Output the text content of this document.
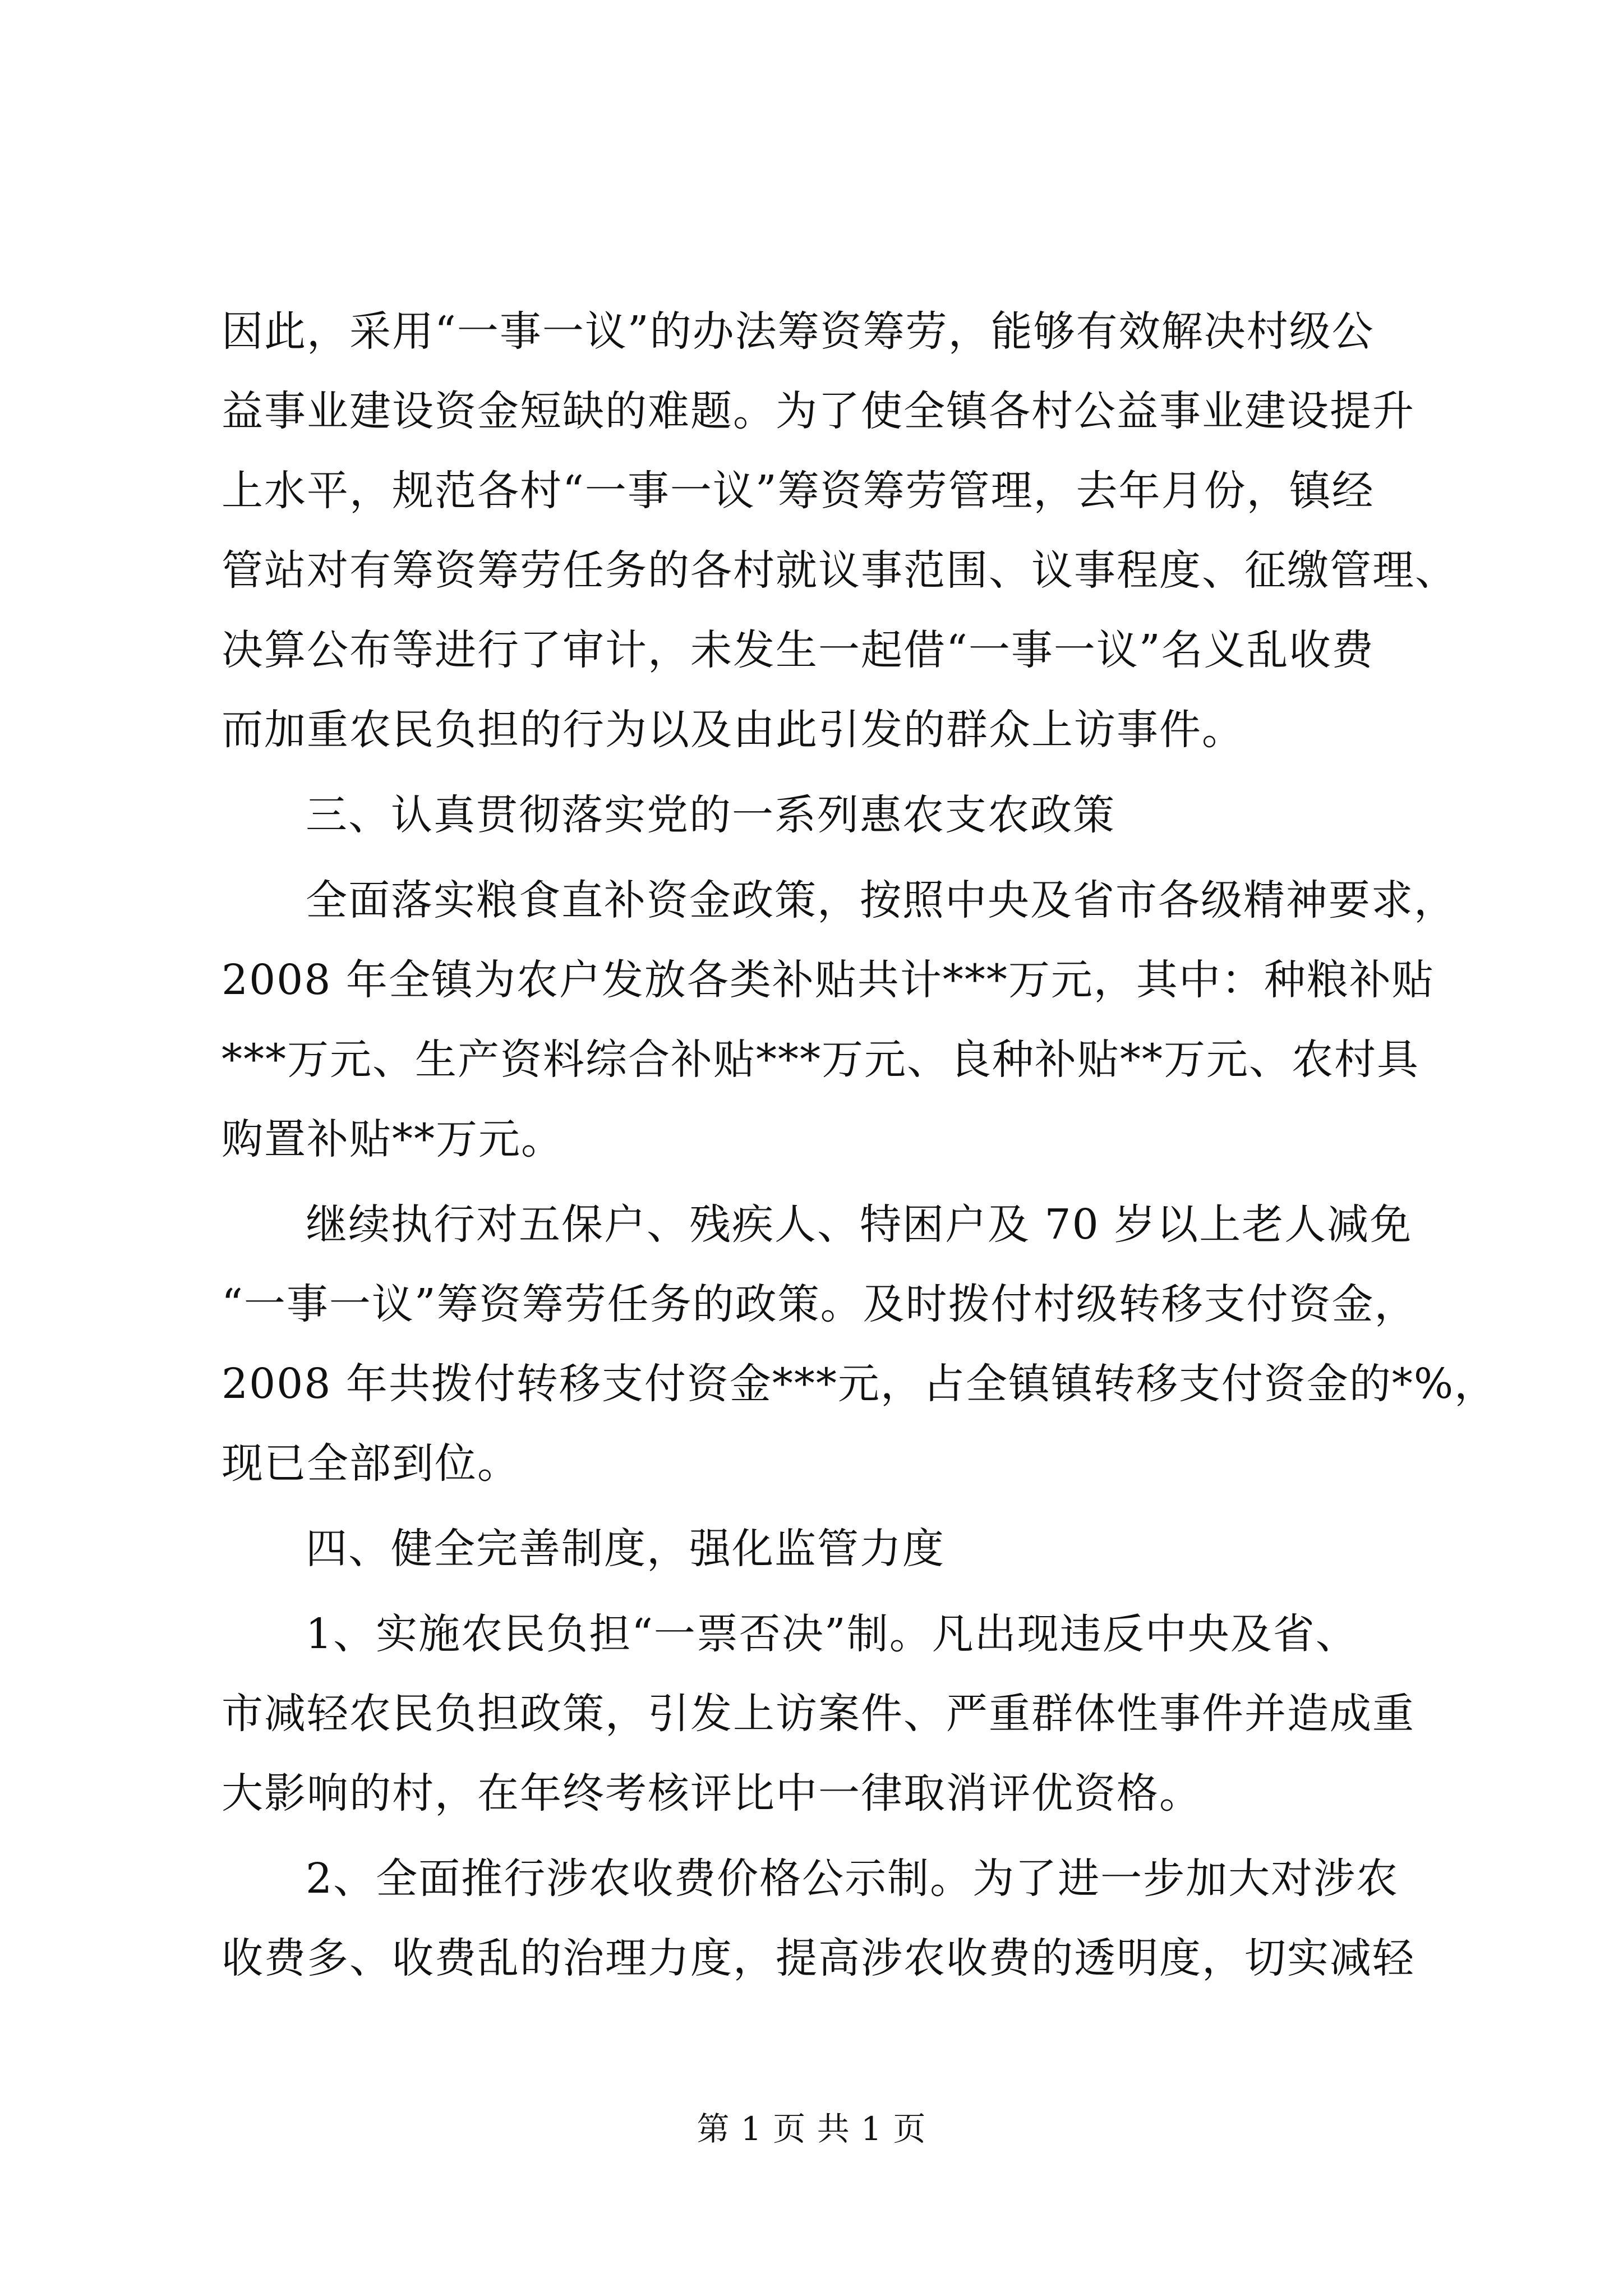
因此，采用“一事一议”的办法筹资筹劳，能够有效解决村级公
益事业建设资金短缺的难题。为了使全镇各村公益事业建设提升
上水平，规范各村“一事一议”筹资筹劳管理，去年月份，镇经
管站对有筹资筹劳任务的各村就议事范围、议事程度、征缴管理、
决算公布等进行了审计，未发生一起借“一事一议”名义乱收费
而加重农民负担的行为以及由此引发的群众上访事件。
三、认真贯彻落实党的一系列惠农支农政策
全面落实粮食直补资金政策，按照中央及省市各级精神要求，
2008 年全镇为农户发放各类补贴共计***万元，其中：种粮补贴
***万元、生产资料综合补贴***万元、良种补贴**万元、农村具
购置补贴**万元。
继续执行对五保户、残疾人、特困户及 70 岁以上老人减免
“一事一议”筹资筹劳任务的政策。及时拨付村级转移支付资金，
2008 年共拨付转移支付资金***元，占全镇镇转移支付资金的*%，
现已全部到位。
四、健全完善制度，强化监管力度
1、实施农民负担“一票否决”制。凡出现违反中央及省、
市减轻农民负担政策，引发上访案件、严重群体性事件并造成重
大影响的村，在年终考核评比中一律取消评优资格。
2、全面推行涉农收费价格公示制。为了进一步加大对涉农
收费多、收费乱的治理力度，提高涉农收费的透明度，切实减轻
第 1 页 共 1 页
